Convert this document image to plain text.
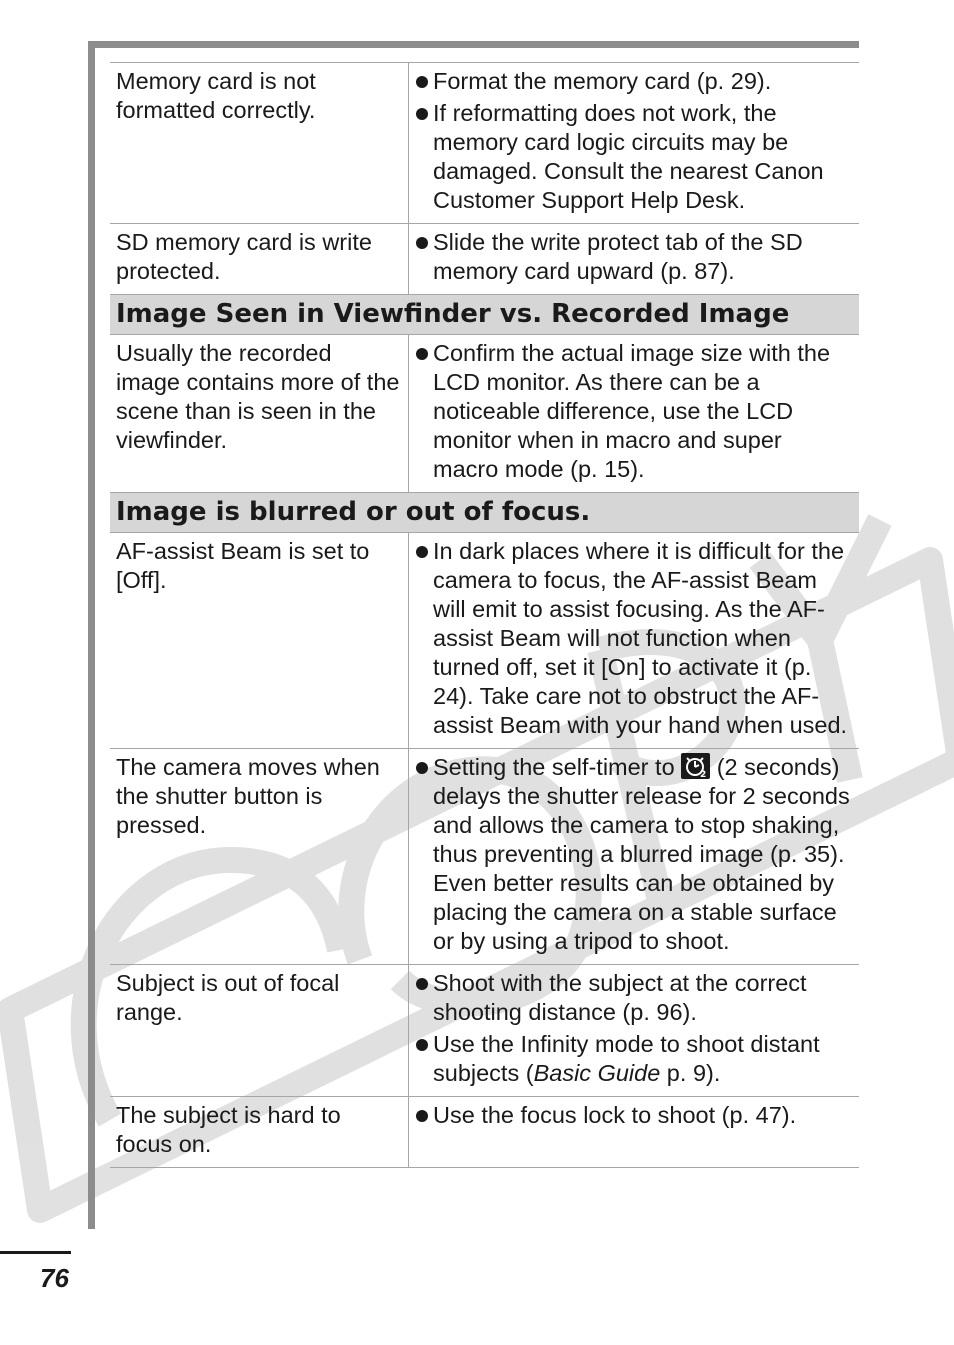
Memory card is not formatted correctly.
Format the memory card (p. 29).
If reformatting does not work, the memory card logic circuits may be damaged. Consult the nearest Canon Customer Support Help Desk.
SD memory card is write protected.
Slide the write protect tab of the SD memory card upward (p. 87).
Image Seen in Viewfinder vs. Recorded Image
Usually the recorded image contains more of the scene than is seen in the viewfinder.
Confirm the actual image size with the LCD monitor. As there can be a noticeable difference, use the LCD monitor when in macro and super macro mode (p. 15).
Image is blurred or out of focus.
AF-assist Beam is set to [Off].
In dark places where it is difficult for the camera to focus, the AF-assist Beam will emit to assist focusing. As the AF-assist Beam will not function when turned off, set it [On] to activate it (p. 24). Take care not to obstruct the AF-assist Beam with your hand when used.
The camera moves when the shutter button is pressed.
Setting the self-timer to	2 (2 seconds) delays the shutter release for 2 seconds and allows the camera to stop shaking, thus preventing a blurred image (p. 35).
Even better results can be obtained by placing the camera on a stable surface or by using a tripod to shoot.
Subject is out of focal range.
Shoot with the subject at the correct shooting distance (p. 96).
Use the Infinity mode to shoot distant subjects (Basic Guide p. 9).
The subject is hard to focus on.
Use the focus lock to shoot (p. 47).
76
